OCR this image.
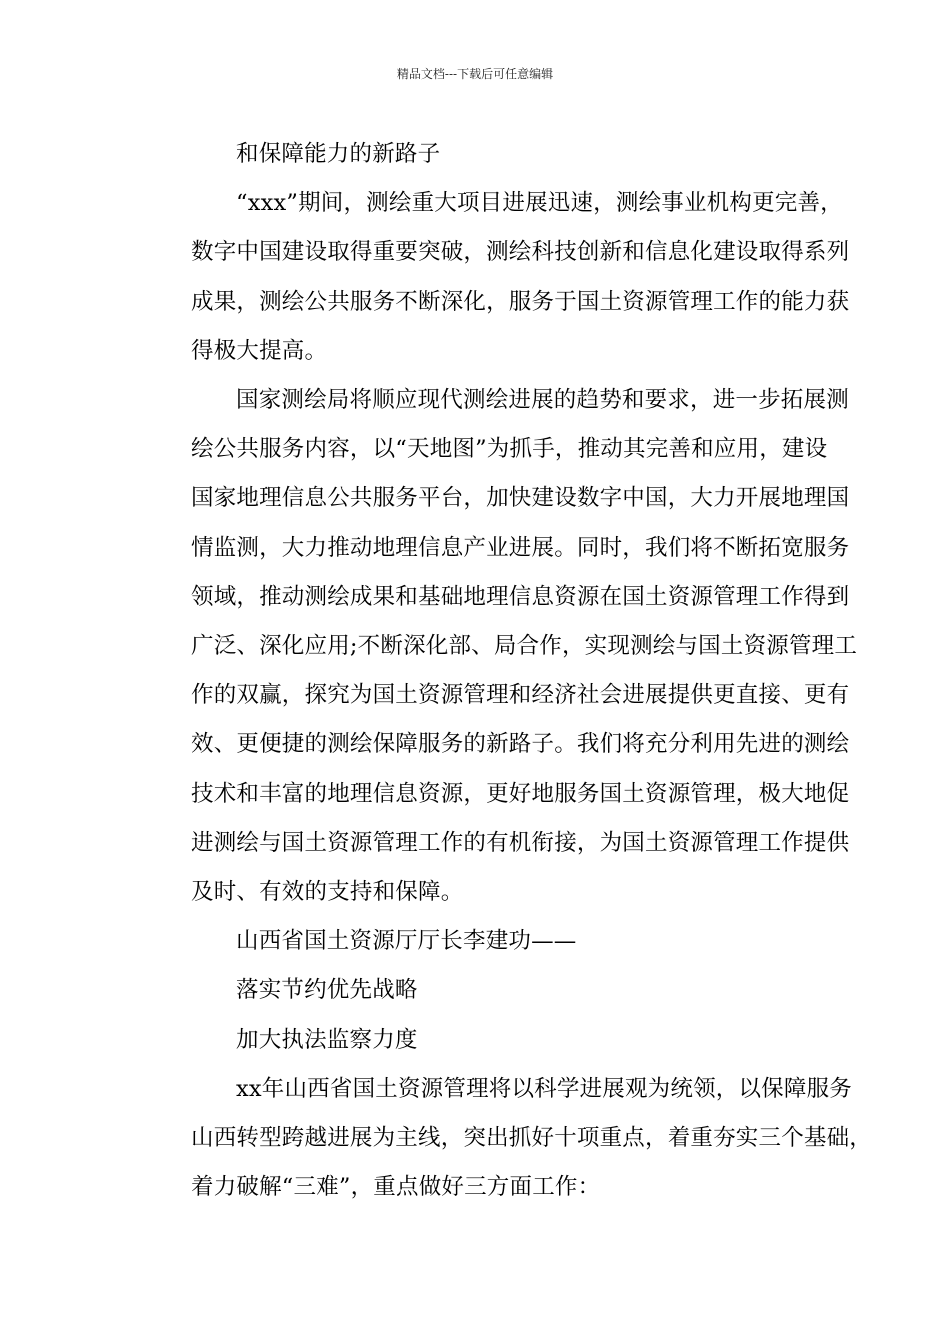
精品文档---下载后可任意编辑
和保障能力的新路子
“xxx”期间，测绘重大项目进展迅速，测绘事业机构更完善，
数字中国建设取得重要突破，测绘科技创新和信息化建设取得系列
成果，测绘公共服务不断深化，服务于国土资源管理工作的能力获
得极大提高。
国家测绘局将顺应现代测绘进展的趋势和要求，进一步拓展测
绘公共服务内容，以“天地图”为抓手，推动其完善和应用，建设
国家地理信息公共服务平台，加快建设数字中国，大力开展地理国
情监测，大力推动地理信息产业进展。同时，我们将不断拓宽服务
领域，推动测绘成果和基础地理信息资源在国土资源管理工作得到
广泛、深化应用;不断深化部、局合作，实现测绘与国土资源管理工
作的双赢，探究为国土资源管理和经济社会进展提供更直接、更有
效、更便捷的测绘保障服务的新路子。我们将充分利用先进的测绘
技术和丰富的地理信息资源，更好地服务国土资源管理，极大地促
进测绘与国土资源管理工作的有机衔接，为国土资源管理工作提供
及时、有效的支持和保障。
山西省国土资源厅厅长李建功——
落实节约优先战略
加大执法监察力度
xx年山西省国土资源管理将以科学进展观为统领，以保障服务
山西转型跨越进展为主线，突出抓好十项重点，着重夯实三个基础，
着力破解“三难”，重点做好三方面工作：
